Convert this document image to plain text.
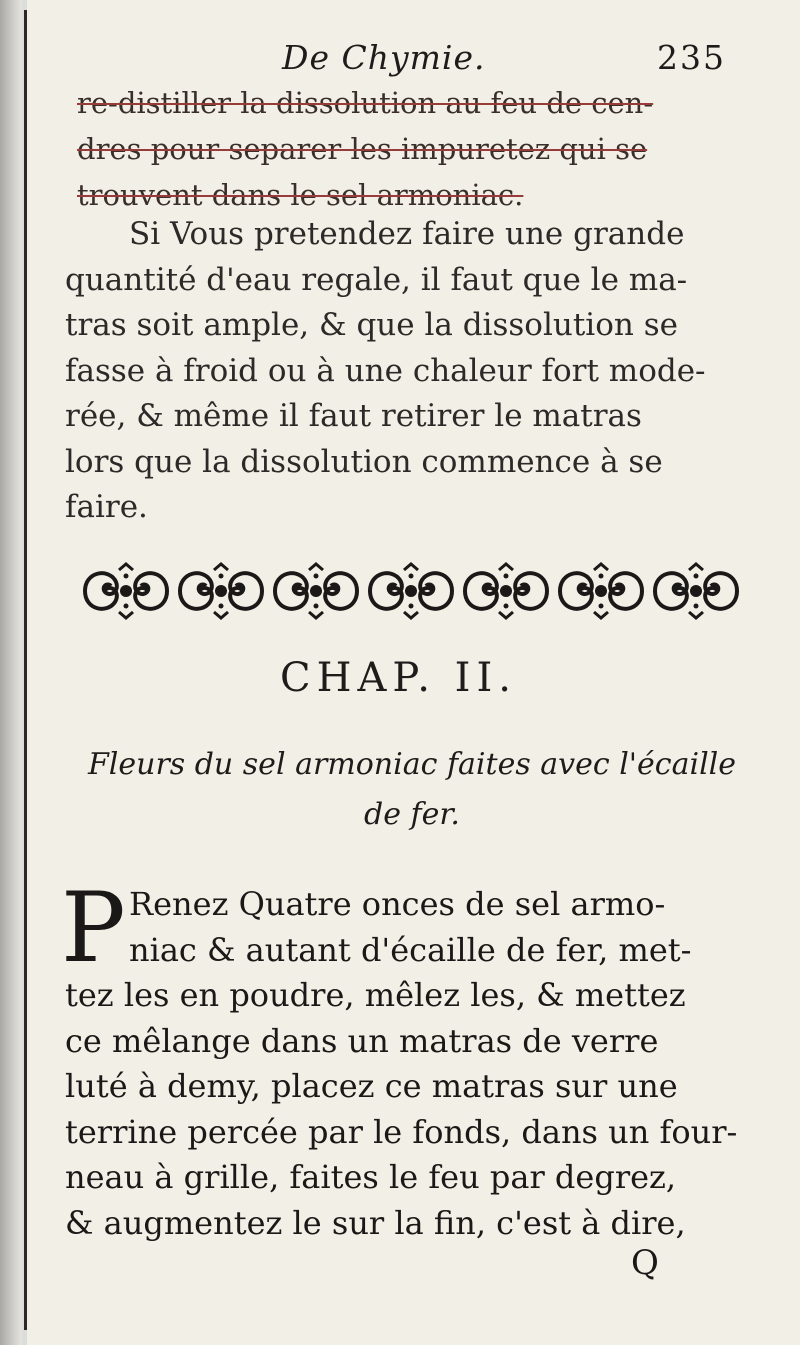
De Chymie.	235
re-distiller la dissolution au feu de cen-
dres pour separer les impuretez qui se
trouvent dans le sel armoniac.
Si Vous pretendez faire une grande
quantité d'eau regale, il faut que le ma-
tras soit ample, & que la dissolution se
fasse à froid ou à une chaleur fort mode-
rée, & même il faut retirer le matras
lors que la dissolution commence à se
faire.
CHAP. II.
Fleurs du sel armoniac faites avec l'écaille
de fer.
P Renez Quatre onces de sel armo-
niac & autant d'écaille de fer, met-
tez les en poudre, mêlez les, & mettez
ce mêlange dans un matras de verre
luté à demy, placez ce matras sur une
terrine percée par le fonds, dans un four-
neau à grille, faites le feu par degrez,
& augmentez le sur la fin, c'est à dire,
Q
